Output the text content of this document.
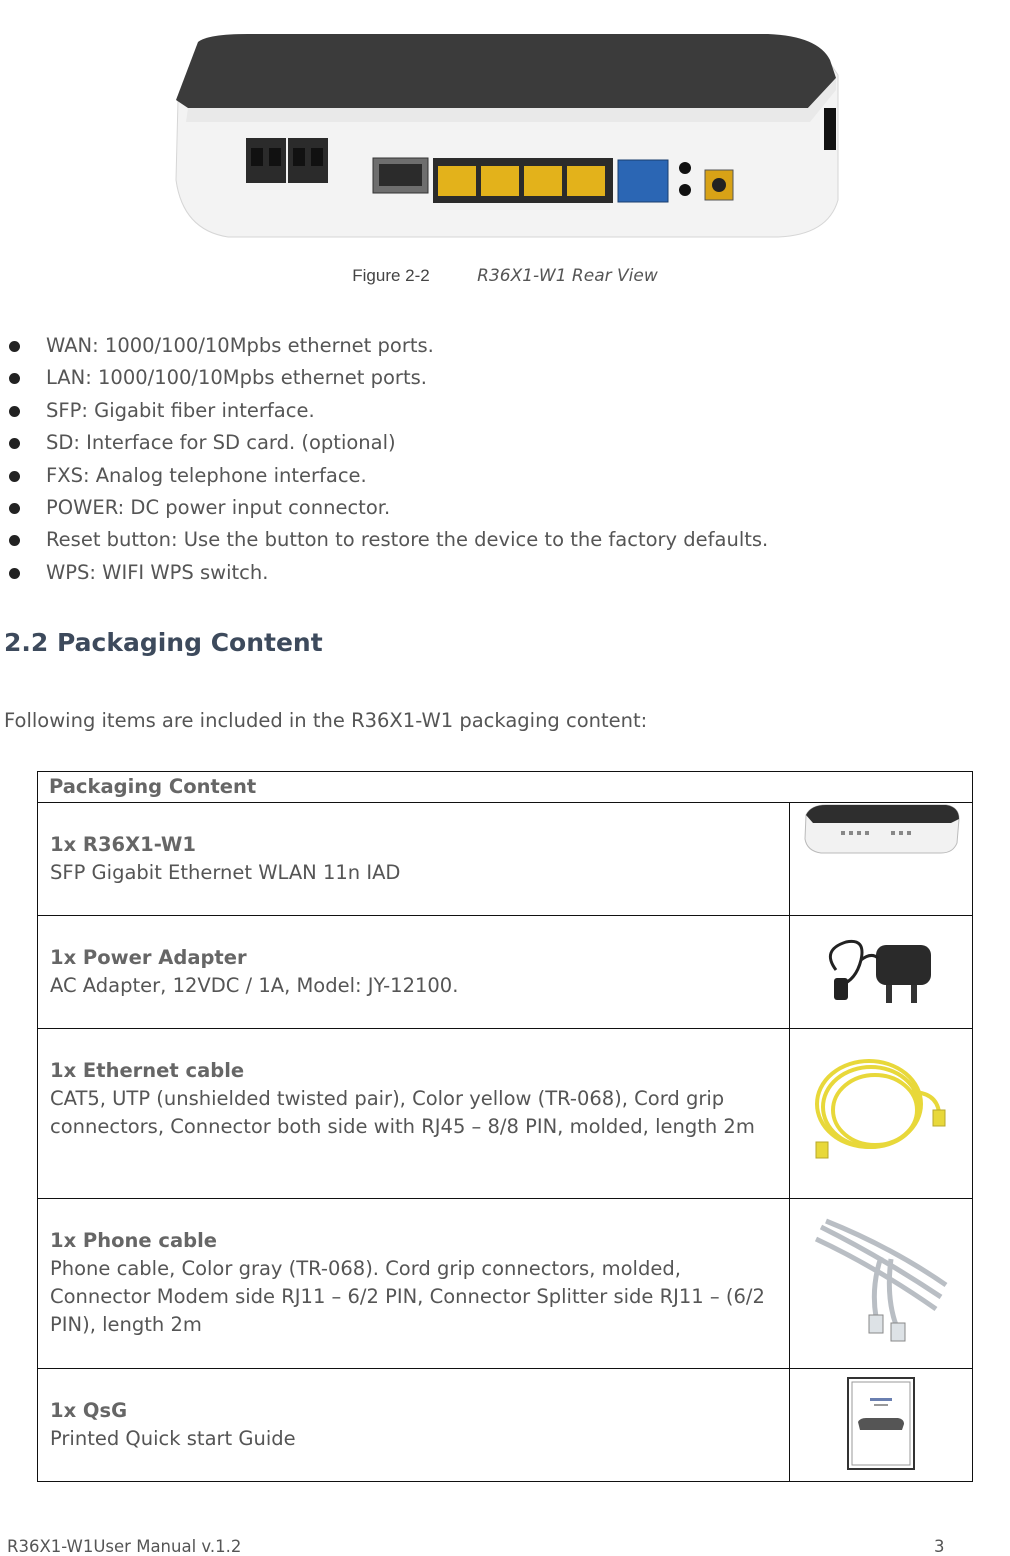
Figure 2-2	R36X1-W1 Rear View
WAN: 1000/100/10Mpbs ethernet ports.
LAN: 1000/100/10Mpbs ethernet ports.
SFP: Gigabit fiber interface.
SD: Interface for SD card. (optional)
FXS: Analog telephone interface.
POWER: DC power input connector.
Reset button: Use the button to restore the device to the factory defaults.
WPS: WIFI WPS switch.
2.2 Packaging Content

Following items are included in the R36X1-W1 packaging content:

Packaging Content	

1x R36X1-W1
SFP Gigabit Ethernet WLAN 11n IAD	

1x Power Adapter
AC Adapter, 12VDC / 1A, Model: JY-12100.	

1x Ethernet cable
CAT5, UTP (unshielded twisted pair), Color yellow (TR-068), Cord grip connectors, Connector both side with RJ45 – 8/8 PIN, molded, length 2m	

1x Phone cable
Phone cable, Color gray (TR-068). Cord grip connectors, molded, Connector Modem side RJ11 – 6/2 PIN, Connector Splitter side RJ11 – (6/2 PIN), length 2m	

1x QsG
Printed Quick start Guide	
R36X1-W1User Manual v.1.2	3
